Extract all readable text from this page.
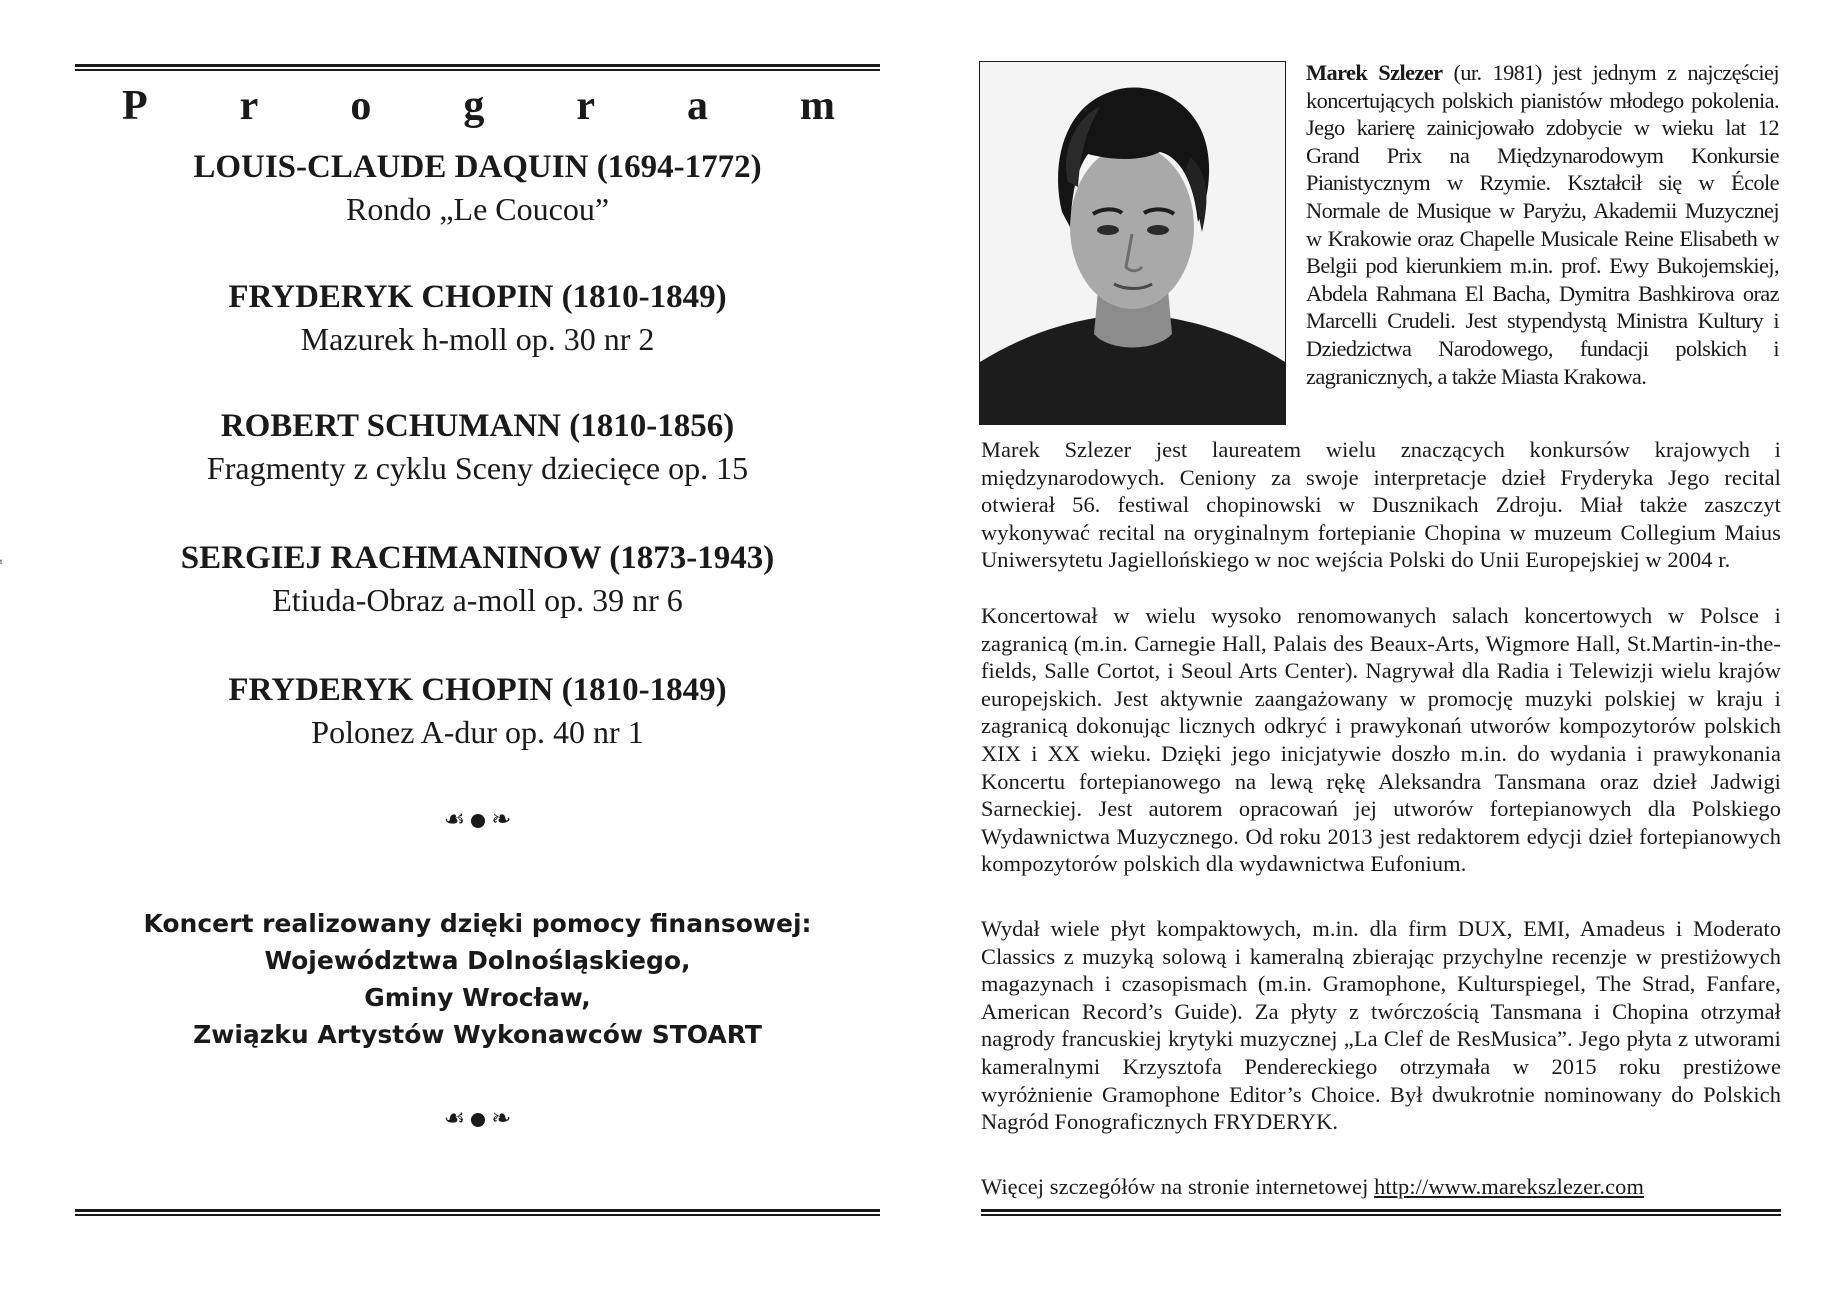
P r o g r a m
LOUIS-CLAUDE DAQUIN (1694-1772)
Rondo „Le Coucou”
FRYDERYK CHOPIN (1810-1849)
Mazurek h-moll op. 30 nr 2
ROBERT SCHUMANN (1810-1856)
Fragmenty z cyklu Sceny dziecięce op. 15
SERGIEJ RACHMANINOW (1873-1943)
Etiuda-Obraz a-moll op. 39 nr 6
FRYDERYK CHOPIN (1810-1849)
Polonez A-dur op. 40 nr 1
☙ ❧
Koncert realizowany dzięki pomocy finansowej:
Województwa Dolnośląskiego,
Gminy Wrocław,
Związku Artystów Wykonawców STOART
☙ ❧
t
Marek Szlezer (ur. 1981) jest jednym z najczęściej koncertujących polskich pianistów młodego pokolenia. Jego karierę zainicjowało zdobycie w wieku lat 12 Grand Prix na Międzynarodowym Konkursie Pianistycznym w Rzymie. Kształcił się w École Normale de Musique w Paryżu, Akademii Muzycznej w Krakowie oraz Chapelle Musicale Reine Elisabeth w Belgii pod kierunkiem m.in. prof. Ewy Bukojemskiej, Abdela Rahmana El Bacha, Dymitra Bashkirova oraz Marcelli Crudeli. Jest stypendystą Ministra Kultury i Dziedzictwa Narodowego, fundacji polskich i zagranicznych, a także Miasta Krakowa.
Marek Szlezer jest laureatem wielu znaczących konkursów krajowych i międzynarodowych. Ceniony za swoje interpretacje dzieł Fryderyka Jego recital otwierał 56. festiwal chopinowski w Dusznikach Zdroju. Miał także zaszczyt wykonywać recital na oryginalnym fortepianie Chopina w muzeum Collegium Maius Uniwersytetu Jagiellońskiego w noc wejścia Polski do Unii Europejskiej w 2004 r.
Koncertował w wielu wysoko renomowanych salach koncertowych w Polsce i zagranicą (m.in. Carnegie Hall, Palais des Beaux-Arts, Wigmore Hall, St.Martin-in-the-fields, Salle Cortot, i Seoul Arts Center). Nagrywał dla Radia i Telewizji wielu krajów europejskich. Jest aktywnie zaangażowany w promocję muzyki polskiej w kraju i zagranicą dokonując licznych odkryć i prawykonań utworów kompozytorów polskich XIX i XX wieku. Dzięki jego inicjatywie doszło m.in. do wydania i prawykonania Koncertu fortepianowego na lewą rękę Aleksandra Tansmana oraz dzieł Jadwigi Sarneckiej. Jest autorem opracowań jej utworów fortepianowych dla Polskiego Wydawnictwa Muzycznego. Od roku 2013 jest redaktorem edycji dzieł fortepianowych kompozytorów polskich dla wydawnictwa Eufonium.
Wydał wiele płyt kompaktowych, m.in. dla firm DUX, EMI, Amadeus i Moderato Classics z muzyką solową i kameralną zbierając przychylne recenzje w prestiżowych magazynach i czasopismach (m.in. Gramophone, Kulturspiegel, The Strad, Fanfare, American Record’s Guide). Za płyty z twórczością Tansmana i Chopina otrzymał nagrody francuskiej krytyki muzycznej „La Clef de ResMusica”. Jego płyta z utworami kameralnymi Krzysztofa Pendereckiego otrzymała w 2015 roku prestiżowe wyróżnienie Gramophone Editor’s Choice. Był dwukrotnie nominowany do Polskich Nagród Fonograficznych FRYDERYK.
Więcej szczegółów na stronie internetowej http://www.marekszlezer.com
